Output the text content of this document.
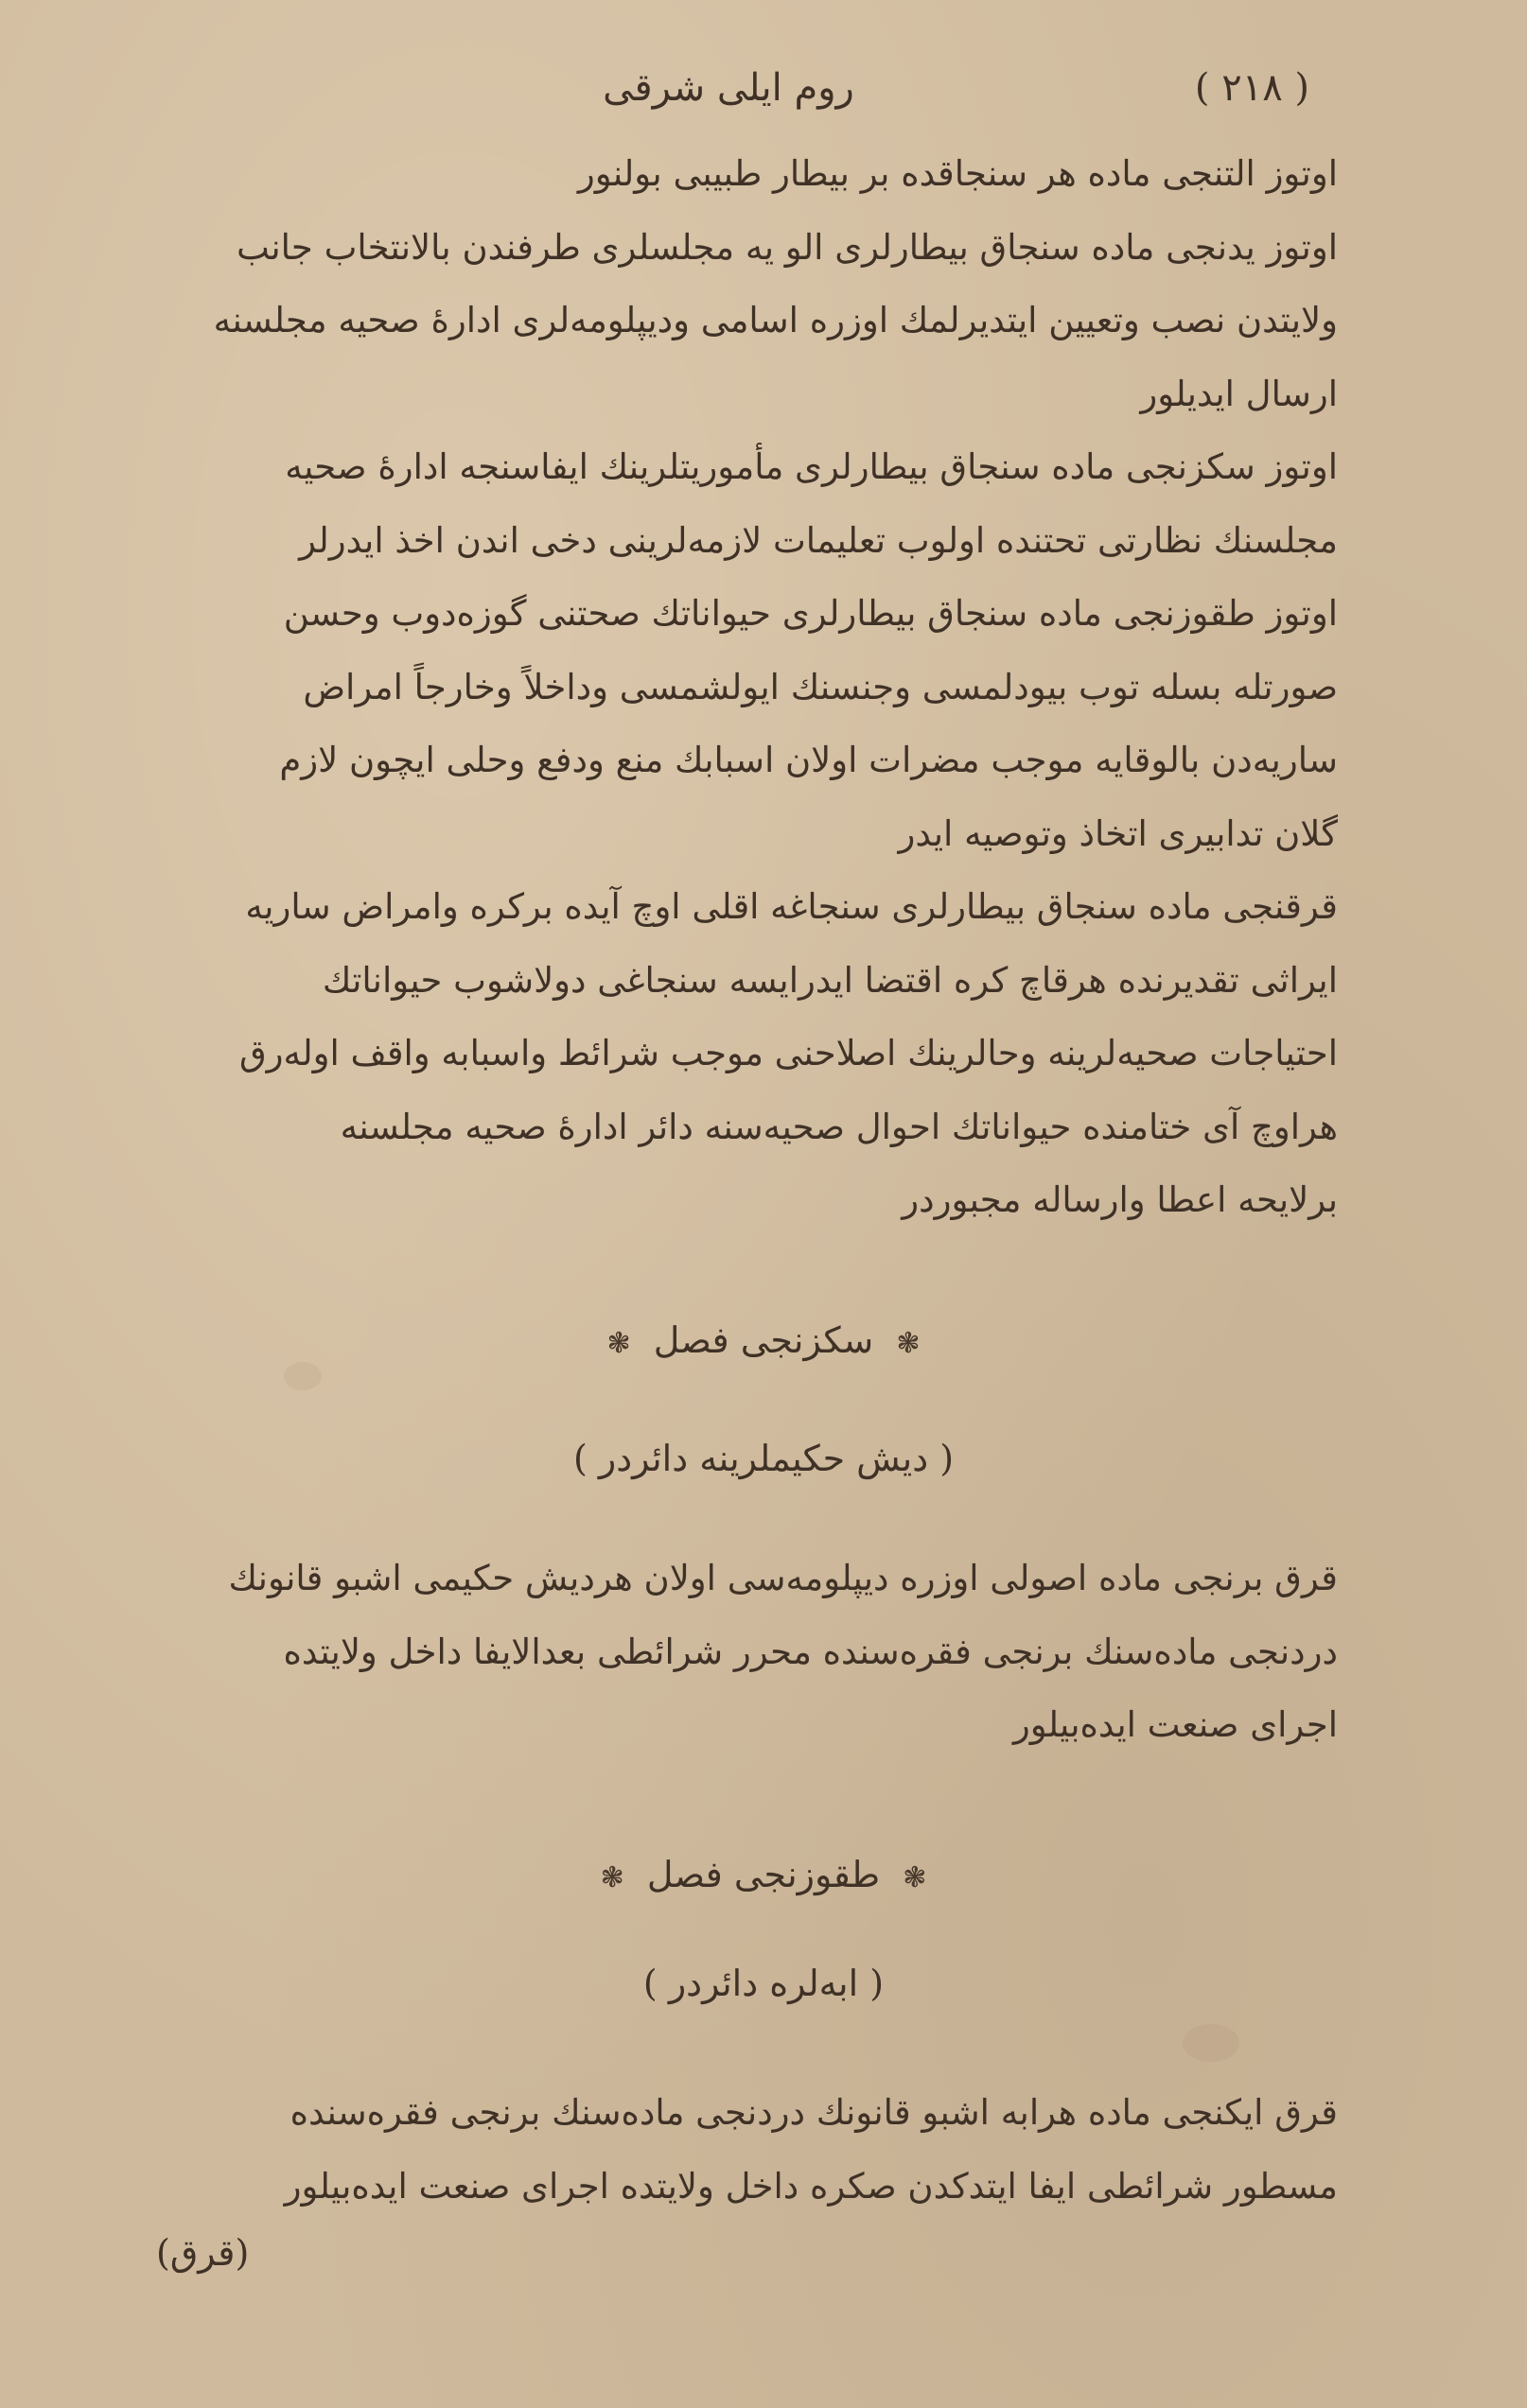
( ٢١٨ )
روم ایلی شرقی
اوتوز التنجی ماده هر سنجاقده بر بیطار طبیبی بولنور
اوتوز یدنجی ماده سنجاق بیطارلری الو یه مجلسلری طرفندن بالانتخاب جانب
ولایتدن نصب وتعیین ایتدیرلمك اوزره اسامی ودیپلومه‌لری ادارهٔ صحیه مجلسنه
ارسال ایدیلور
اوتوز سکزنجی ماده سنجاق بیطارلری مأموریتلرینك ایفاسنجه ادارهٔ صحیه
مجلسنك نظارتی تحتنده اولوب تعلیمات لازمه‌لرینی دخی اندن اخذ ایدرلر
اوتوز طقوزنجی ماده سنجاق بیطارلری حیواناتك صحتنی گوزه‌دوب وحسن
صورتله بسله توب بیودلمسی وجنسنك ایولشمسی وداخلاً وخارجاً امراض
ساریه‌دن بالوقایه موجب مضرات اولان اسبابك منع ودفع وحلی ایچون لازم
گلان تدابیری اتخاذ وتوصیه ایدر
قرقنجی ماده سنجاق بیطارلری سنجاغه اقلی اوچ آیده برکره وامراض ساریه
ایراثی تقدیرنده هرقاچ کره اقتضا ایدرایسه سنجاغی دولاشوب حیواناتك
احتیاجات صحیه‌لرینه وحالرینك اصلاحنی موجب شرائط واسبابه واقف اوله‌رق
هراوچ آی ختامنده حیواناتك احوال صحیه‌سنه دائر ادارهٔ صحیه مجلسنه
برلایحه اعطا وارساله مجبوردر
❃ سکزنجی فصل ❃
( دیش حکیملرینه دائردر )
قرق برنجی ماده اصولی اوزره دیپلومه‌سی اولان هردیش حکیمی اشبو قانونك
دردنجی ماده‌سنك برنجی فقره‌سنده محرر شرائطی بعدالایفا داخل ولایتده
اجرای صنعت ایده‌بیلور
❃ طقوزنجی فصل ❃
( ابه‌لره دائردر )
قرق ایکنجی ماده هرابه اشبو قانونك دردنجی ماده‌سنك برنجی فقره‌سنده
مسطور شرائطی ایفا ایتدکدن صکره داخل ولایتده اجرای صنعت ایده‌بیلور
(قرق)
